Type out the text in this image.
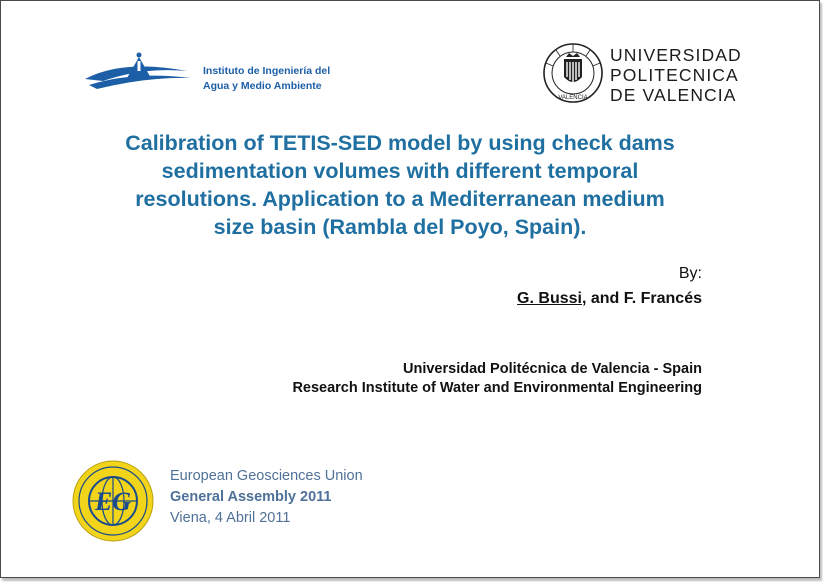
Instituto de Ingeniería del
Agua y Medio Ambiente
VALENCIA
UNIVERSIDAD
POLITECNICA
DE VALENCIA
Calibration of TETIS-SED model by using check dams
sedimentation volumes with different temporal
resolutions. Application to a Mediterranean medium
size basin (Rambla del Poyo, Spain).
By:
G. Bussi, and F. Francés
Universidad Politécnica de Valencia - Spain
Research Institute of Water and Environmental Engineering
EG
European Geosciences Union
General Assembly 2011
Viena, 4 Abril 2011
